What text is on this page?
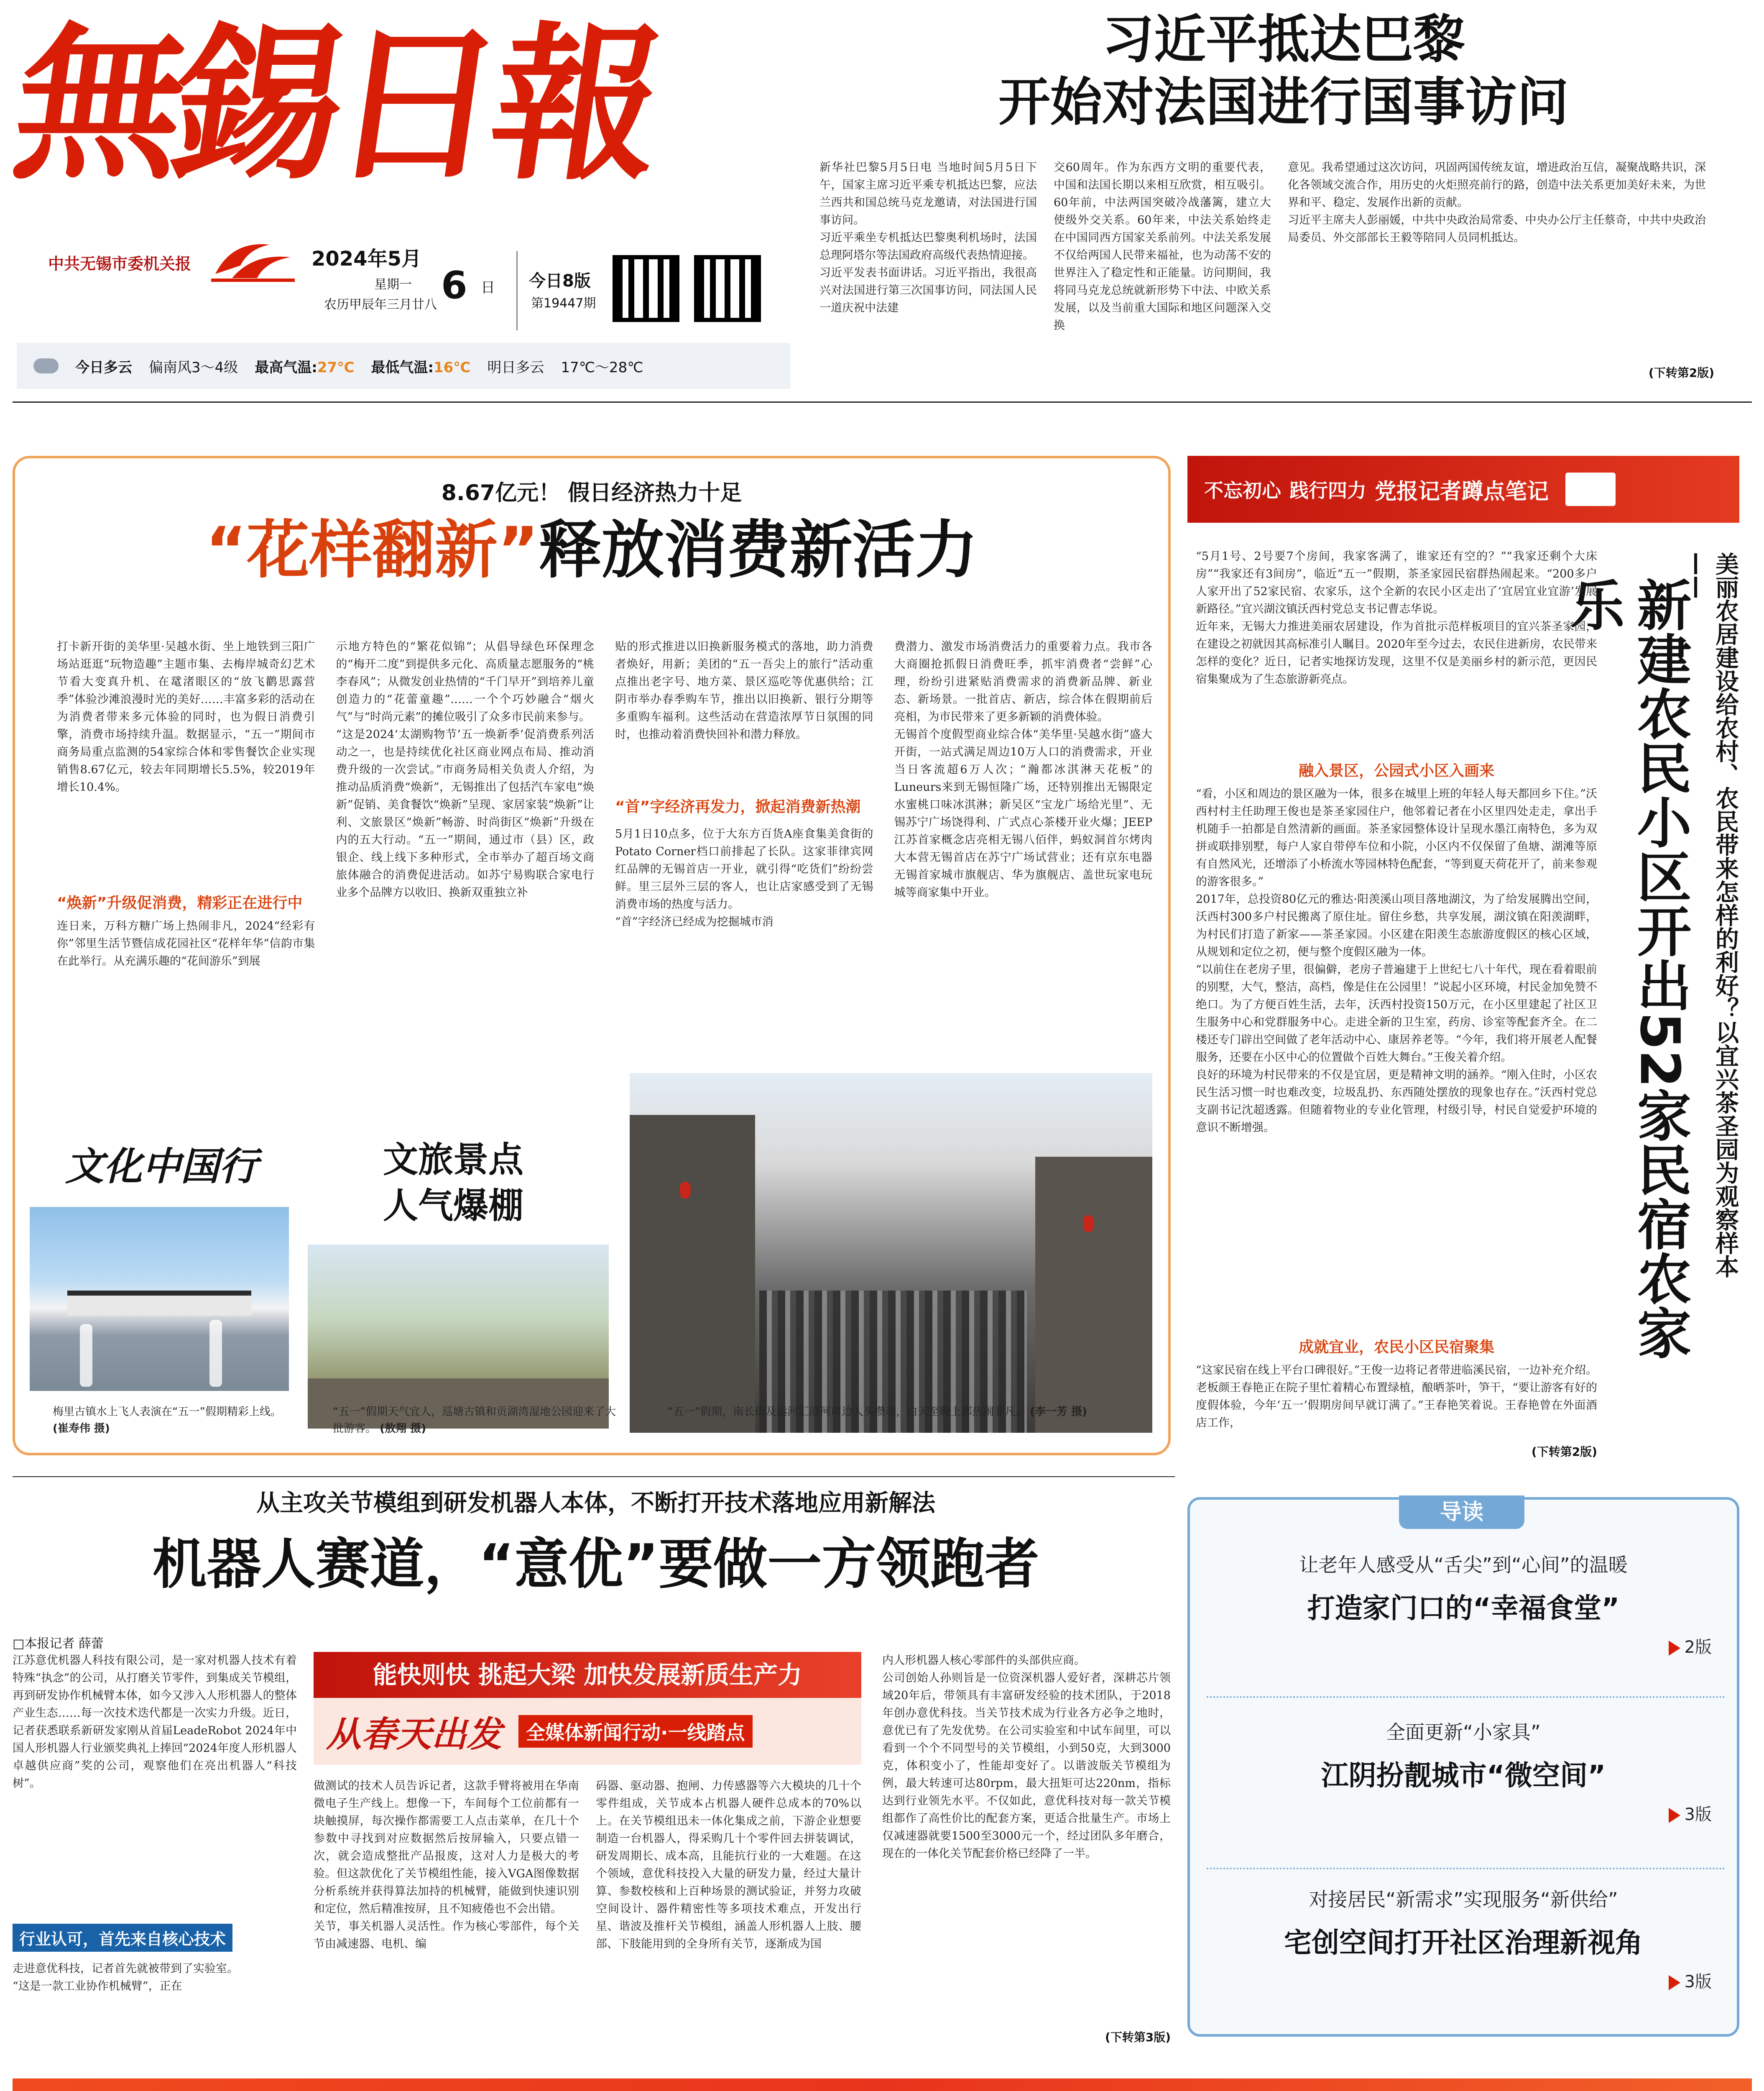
無錫日報
中共无锡市委机关报	2024年5月
星期一
农历甲辰年三月廿八 6 日 今日8版
第19447期
今日多云 偏南风3～4级 最高气温:27℃ 最低气温:16℃ 明日多云 17℃～28℃
习近平抵达巴黎
开始对法国进行国事访问
新华社巴黎5月5日电 当地时间5月5日下午，国家主席习近平乘专机抵达巴黎，应法兰西共和国总统马克龙邀请，对法国进行国事访问。
习近平乘坐专机抵达巴黎奥利机场时，法国总理阿塔尔等法国政府高级代表热情迎接。
习近平发表书面讲话。习近平指出，我很高兴对法国进行第三次国事访问，同法国人民一道庆祝中法建
交60周年。作为东西方文明的重要代表，中国和法国长期以来相互欣赏，相互吸引。60年前，中法两国突破冷战藩篱，建立大使级外交关系。60年来，中法关系始终走在中国同西方国家关系前列。中法关系发展不仅给两国人民带来福祉，也为动荡不安的世界注入了稳定性和正能量。访问期间，我将同马克龙总统就新形势下中法、中欧关系发展，以及当前重大国际和地区问题深入交换
意见。我希望通过这次访问，巩固两国传统友谊，增进政治互信，凝聚战略共识，深化各领域交流合作，用历史的火炬照亮前行的路，创造中法关系更加美好未来，为世界和平、稳定、发展作出新的贡献。
习近平主席夫人彭丽媛，中共中央政治局常委、中央办公厅主任蔡奇，中共中央政治局委员、外交部部长王毅等陪同人员同机抵达。
(下转第2版)
8.67亿元！ 假日经济热力十足
“花样翻新”释放消费新活力
打卡新开街的美华里·吴越水街、坐上地铁到三阳广场站逛逛“玩物造趣”主题市集、去梅岸城奇幻艺术节看大变真升机、在鼋渚眼区的“放飞鹳思露营季”体验沙滩浪漫时光的美好……丰富多彩的活动在为消费者带来多元体验的同时，也为假日消费引擎，消费市场持续升温。数据显示，“五一”期间市商务局重点监测的54家综合体和零售餐饮企业实现销售8.67亿元，较去年同期增长5.5%，较2019年增长10.4%。
“焕新”升级促消费，精彩正在进行中
连日来，万科方糖广场上热闹非凡，2024“经彩有你”邻里生活节暨信成花园社区“花样年华”信韵市集在此举行。从充满乐趣的“花间游乐”到展
示地方特色的“繁花似锦”；从倡导绿色环保理念的“梅开二度”到提供多元化、高质量志愿服务的“桃李春风”；从微发创业热情的“千门早开”到培养儿童创造力的“花蕾童趣”……一个个巧妙融合“烟火气”与“时尚元素”的摊位吸引了众多市民前来参与。
“这是2024‘太湖购物节’五一焕新季’促消费系列活动之一，也是持续优化社区商业网点布局、推动消费升级的一次尝试。”市商务局相关负责人介绍，为推动品质消费“焕新”，无锡推出了包括汽车家电“焕新”促销、美食餐饮“焕新”呈现、家居家装“焕新”让利、文旅景区“焕新”畅游、时尚街区“焕新”升级在内的五大行动。“五一”期间，通过市（县）区，政银企、线上线下多种形式，全市举办了超百场文商旅体融合的消费促进活动。如苏宁易购联合家电行业多个品牌方以收旧、换新双重独立补
贴的形式推进以旧换新服务模式的落地，助力消费者焕好，用新；美团的“五一吾尖上的旅行”活动重点推出老字号、地方菜、景区巡吃等优惠供给；江阴市举办春季购车节，推出以旧换新、银行分期等多重购车福利。这些活动在营造浓厚节日氛围的同时，也推动着消费快回补和潜力释放。
“首”字经济再发力，掀起消费新热潮
5月1日10点多，位于大东方百货A座食集美食街的Potato Corner档口前排起了长队。这家菲律宾网红品牌的无锡首店一开业，就引得“吃货们”纷纷尝鲜。里三层外三层的客人，也让店家感受到了无锡消费市场的热度与活力。
“首”字经济已经成为挖掘城市消
费潜力、激发市场消费活力的重要着力点。我市各大商圈抢抓假日消费旺季，抓牢消费者“尝鲜”心理，纷纷引进紧贴消费需求的消费新品牌、新业态、新场景。一批首店、新店，综合体在假期前后亮相，为市民带来了更多新颖的消费体验。
无锡首个度假型商业综合体“美华里·吴越水街”盛大开街，一站式满足周边10万人口的消费需求，开业当日客流超6万人次；“瀚都冰淇淋天花板”的Luneurs来到无锡恒隆广场，还特别推出无锡限定水蜜桃口味冰淇淋；新吴区“宝龙广场给光里”、无锡苏宁广场饶得利、广式点心茶楼开业火爆；JEEP江苏首家概念店亮相无锡八佰伴，蚂蚁洞首尔烤肉大本营无锡首店在苏宁广场试营业；还有京东电器无锡首家城市旗舰店、华为旗舰店、盖世玩家电玩城等商家集中开业。
文化中国行	文旅景点
人气爆棚
梅里古镇水上飞人表演在“五一”假期精彩上线。 (崔寿伟 摄)
“五一”假期天气宜人，巡塘古镇和贡湖湾湿地公园迎来了大批游客。 (敖翔 摄)
“五一”假期，南长街及运河汇沿河周边人头攒动，白天至晚上都热闹非凡。 (李一芳 摄)
不忘初心 践行四力 党报记者蹲点笔记
美丽农居建设给农村、农民带来怎样的利好？以宜兴茶圣园为观察样本——
新建农民小区开出52家民宿农家乐
“5月1号、2号要7个房间，我家客满了，谁家还有空的？”“我家还剩个大床房”“我家还有3间房”，临近“五一”假期，茶圣家园民宿群热闹起来。“200多户人家开出了52家民宿、农家乐，这个全新的农民小区走出了‘宜居宜业宜游’发展新路径。”宜兴湖汶镇沃西村党总支书记曹志华说。
近年来，无锡大力推进美丽农居建设，作为首批示范样板项目的宜兴茶圣家园，在建设之初就因其高标准引人瞩目。2020年至今过去，农民住进新房，农民带来怎样的变化？近日，记者实地探访发现，这里不仅是美丽乡村的新示范，更因民宿集聚成为了生态旅游新亮点。
融入景区，公园式小区入画来
“看，小区和周边的景区融为一体，很多在城里上班的年轻人每天都回乡下住。”沃西村村主任助理王俊也是茶圣家园住户，他邻着记者在小区里四处走走，拿出手机随手一拍都是自然清新的画面。茶圣家园整体设计呈现水墨江南特色，多为双拼或联排别墅，每户人家自带停车位和小院，小区内不仅保留了鱼塘、湖滩等原有自然风光，还增添了小桥流水等园林特色配套，“等到夏天荷花开了，前来参观的游客很多。”
2017年，总投资80亿元的雅达·阳羡溪山项目落地湖汶，为了给发展腾出空间，沃西村300多户村民搬离了原住址。留住乡愁，共享发展，湖汶镇在阳羡湖畔，为村民们打造了新家——茶圣家园。小区建在阳羡生态旅游度假区的核心区域，从规划和定位之初，便与整个度假区融为一体。
“以前住在老房子里，很偏僻，老房子普遍建于上世纪七八十年代，现在看着眼前的别墅，大气，整洁，高档，像是住在公园里！”说起小区环境，村民金加免赞不绝口。为了方便百姓生活，去年，沃西村投资150万元，在小区里建起了社区卫生服务中心和党群服务中心。走进全新的卫生室，药房、诊室等配套齐全。在二楼还专门辟出空间做了老年活动中心、康居养老等。“今年，我们将开展老人配餐服务，还要在小区中心的位置做个百姓大舞台。”王俊关着介绍。
良好的环境为村民带来的不仅是宜居，更是精神文明的涵养。“刚入住时，小区农民生活习惯一时也难改变，垃圾乱扔、东西随处摆放的现象也存在。”沃西村党总支副书记沈超透露。但随着物业的专业化管理，村级引导，村民自觉爱护环境的意识不断增强。
成就宜业，农民小区民宿聚集
“这家民宿在线上平台口碑很好。”王俊一边将记者带进临溪民宿，一边补充介绍。老板颜王春艳正在院子里忙着精心布置绿植，酿晒茶叶，笋干，“要让游客有好的度假体验，今年‘五一’假期房间早就订满了。”王春艳笑着说。王春艳曾在外面酒店工作，
(下转第2版)
从主攻关节模组到研发机器人本体，不断打开技术落地应用新解法
机器人赛道，“意优”要做一方领跑者
□本报记者 薛蕾
江苏意优机器人科技有限公司，是一家对机器人技术有着特殊“执念”的公司，从打磨关节零件，到集成关节模组，再到研发协作机械臂本体，如今又涉入人形机器人的整体产业生态……每一次技术迭代都是一次实力升级。近日，记者获悉联系新研发家刚从首届LeadeRobot 2024年中国人形机器人行业颁奖典礼上捧回“2024年度人形机器人卓越供应商”奖的公司，观察他们在亮出机器人“科技树”。
行业认可，首先来自核心技术
走进意优科技，记者首先就被带到了实验室。
“这是一款工业协作机械臂”，正在
能快则快 挑起大梁 加快发展新质生产力
从春天出发	全媒体新闻行动·一线踏点
做测试的技术人员告诉记者，这款手臂将被用在华南微电子生产线上。想像一下，车间每个工位前都有一块触摸屏，每次操作都需要工人点击菜单，在几十个参数中寻找到对应数据然后按屏输入，只要点错一次，就会造成整批产品报废，这对人力是极大的考验。但这款优化了关节模组性能，接入VGA图像数据分析系统并获得算法加持的机械臂，能做到快速识别和定位，然后精准按屏，且不知疲倦也不会出错。
关节，事关机器人灵活性。作为核心零部件，每个关节由减速器、电机、编
码器、驱动器、抱闸、力传感器等六大模块的几十个零件组成，关节成本占机器人硬件总成本的70%以上。在关节模组迅未一体化集成之前，下游企业想要制造一台机器人，得采购几十个零件回去拼装调试，研发周期长、成本高，且能抗行业的一大难题。在这个领域，意优科技投入大量的研发力量，经过大量计算、参数校核和上百种场景的测试验证，并努力攻破空间设计、器件精密性等多项技术难点，开发出行星、谐波及推杆关节模组，涵盖人形机器人上肢、腰部、下肢能用到的全身所有关节，逐渐成为国
内人形机器人核心零部件的头部供应商。
公司创始人孙则旨是一位资深机器人爱好者，深耕芯片领域20年后，带领具有丰富研发经验的技术团队，于2018年创办意优科技。当关节技术成为行业各方必争之地时，意优已有了先发优势。在公司实验室和中试车间里，可以看到一个个不同型号的关节模组，小到50克，大到3000克，体积变小了，性能却变好了。以谐波版关节模组为例，最大转速可达80rpm，最大扭矩可达220nm，指标达到行业领先水平。不仅如此，意优科技对每一款关节模组都作了高性价比的配套方案，更适合批量生产。市场上仅减速器就要1500至3000元一个，经过团队多年磨合，现在的一体化关节配套价格已经降了一半。
(下转第3版)
导读
让老年人感受从“舌尖”到“心间”的温暖
打造家门口的“幸福食堂”
2版
全面更新“小家具”
江阴扮靓城市“微空间”
3版
对接居民“新需求”实现服务“新供给”
宅创空间打开社区治理新视角
3版
